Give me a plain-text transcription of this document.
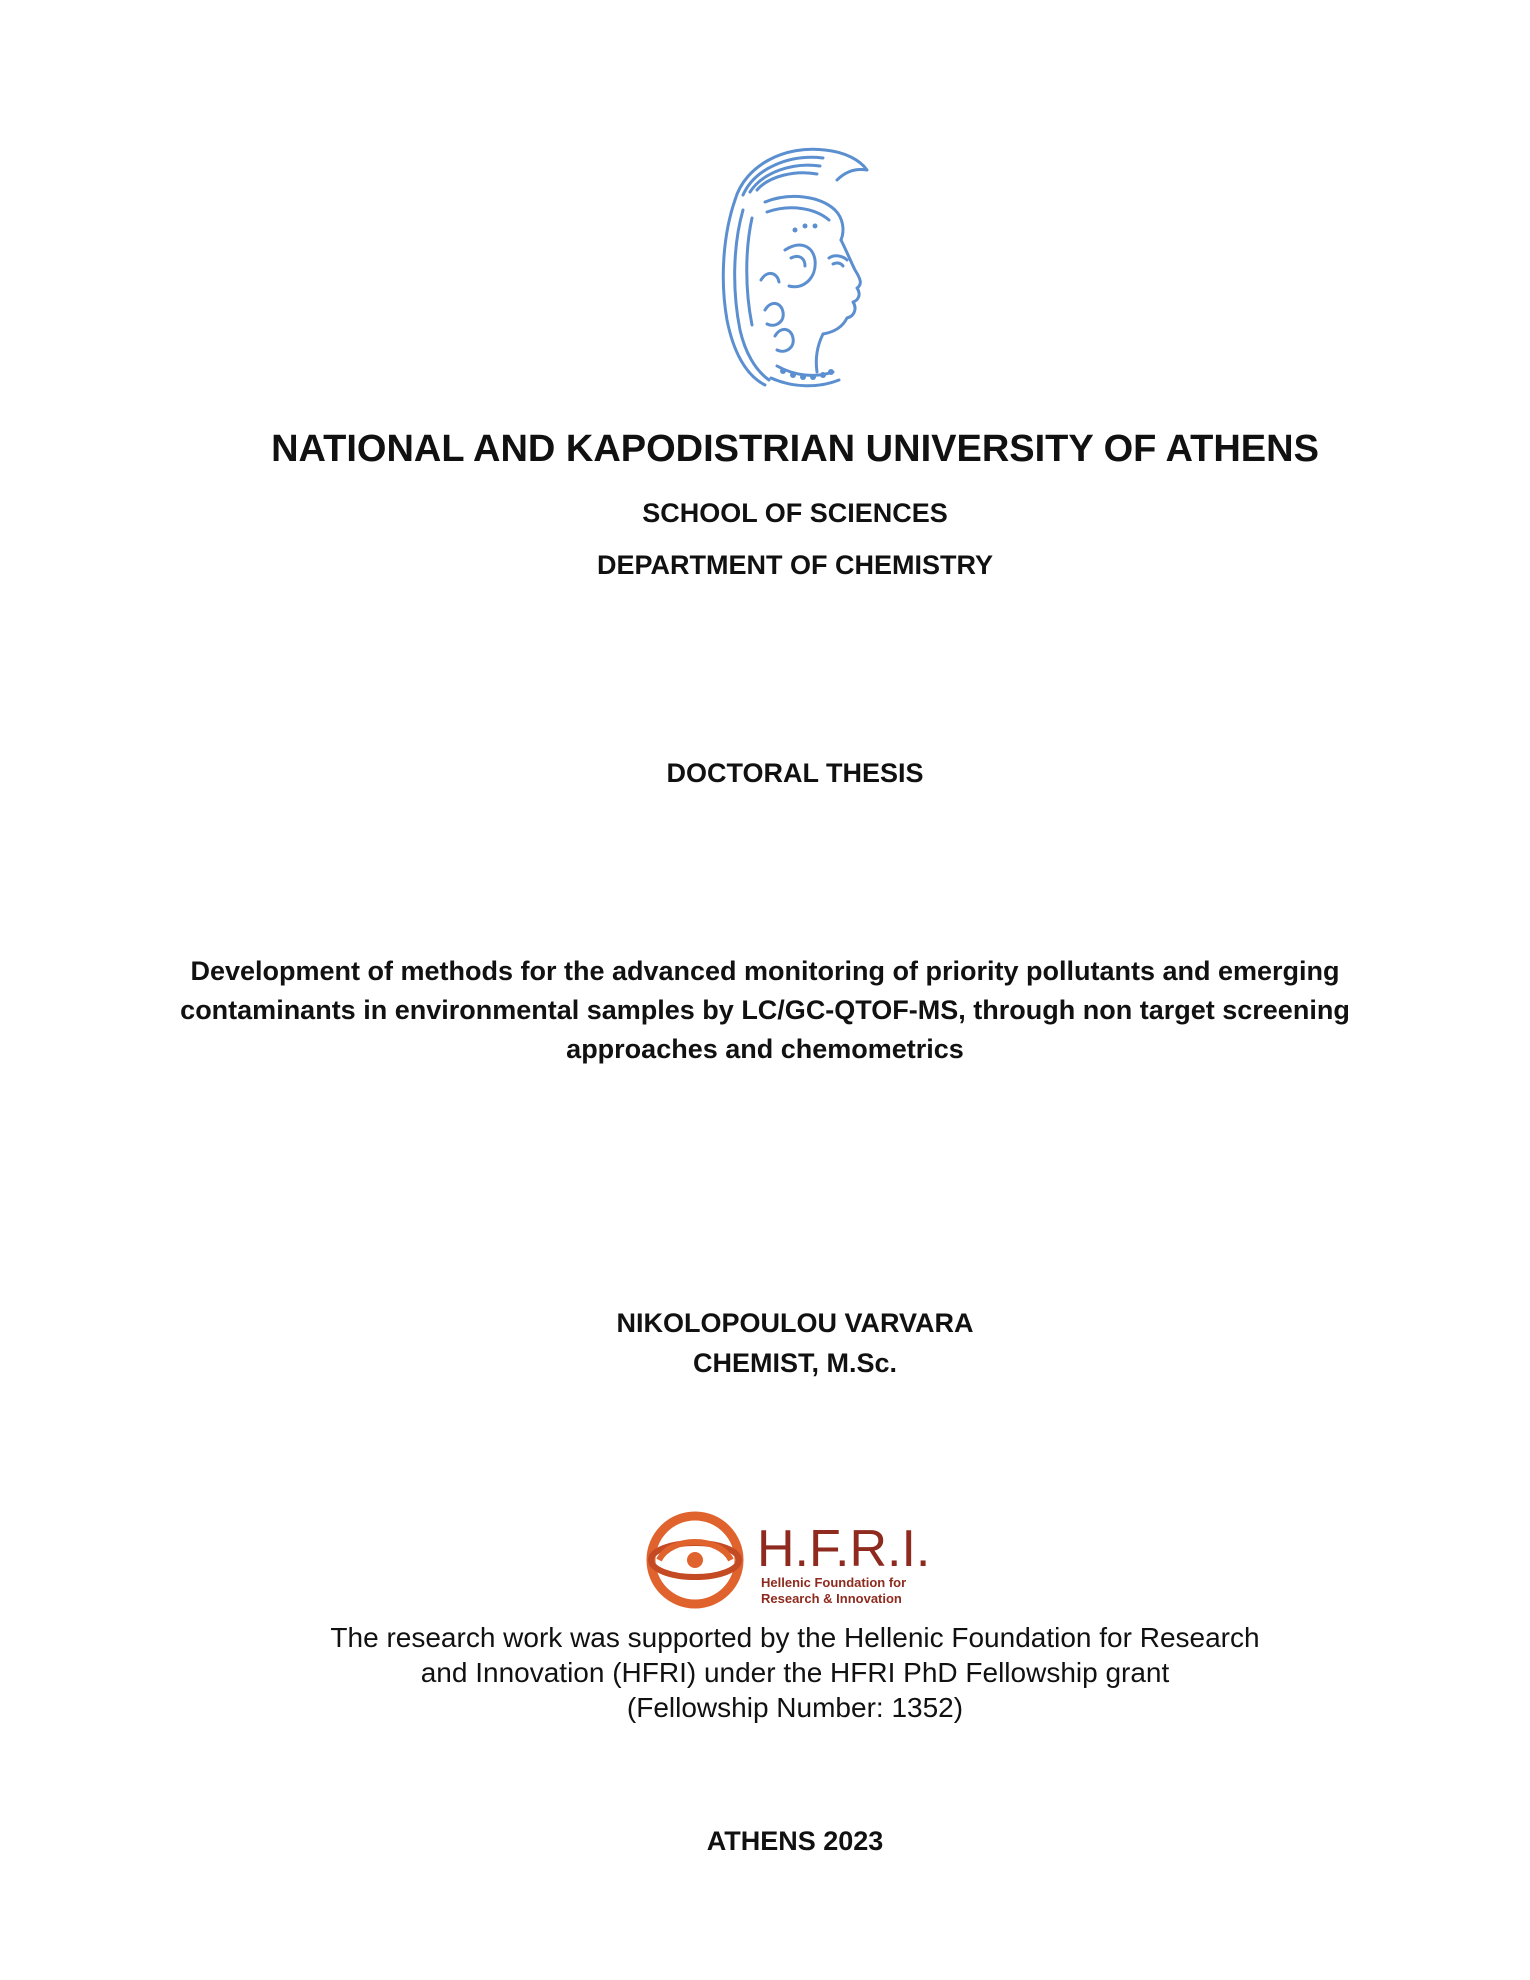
NATIONAL AND KAPODISTRIAN UNIVERSITY OF ATHENS
SCHOOL OF SCIENCES
DEPARTMENT OF CHEMISTRY
DOCTORAL THESIS
Development of methods for the advanced monitoring of priority pollutants and emerging contaminants in environmental samples by LC/GC-QTOF-MS, through non target screening approaches and chemometrics
NIKOLOPOULOU VARVARA
CHEMIST, M.Sc.
H.F.R.I.
Hellenic Foundation for
Research & Innovation
The research work was supported by the Hellenic Foundation for Research
and Innovation (HFRI) under the HFRI PhD Fellowship grant
(Fellowship Number: 1352)
ATHENS 2023
